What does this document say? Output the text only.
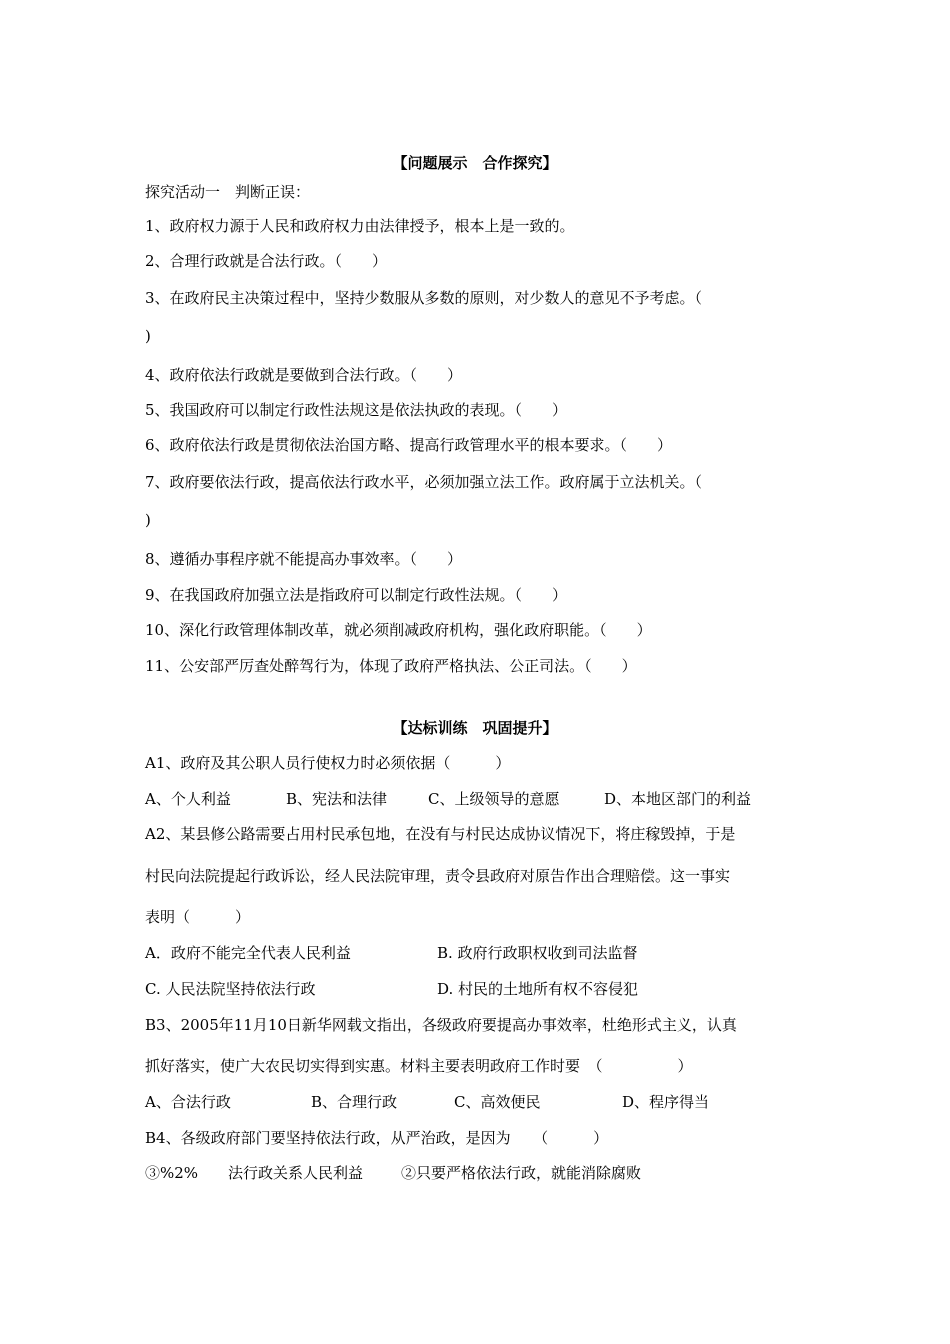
【问题展示　合作探究】
探究活动一　判断正误：
1、政府权力源于人民和政府权力由法律授予，根本上是一致的。
2、合理行政就是合法行政。（　　）
3、在政府民主决策过程中，坚持少数服从多数的原则，对少数人的意见不予考虑。（
)
4、政府依法行政就是要做到合法行政。（　　）
5、我国政府可以制定行政性法规这是依法执政的表现。（　　）
6、政府依法行政是贯彻依法治国方略、提高行政管理水平的根本要求。（　　）
7、政府要依法行政，提高依法行政水平，必须加强立法工作。政府属于立法机关。（
)
8、遵循办事程序就不能提高办事效率。（　　）
9、在我国政府加强立法是指政府可以制定行政性法规。（　　）
10、深化行政管理体制改革，就必须削减政府机构，强化政府职能。（　　）
11、公安部严厉查处醉驾行为，体现了政府严格执法、公正司法。（　　）
【达标训练　巩固提升】
A1、政府及其公职人员行使权力时必须依据（　　　）
A、个人利益	B、宪法和法律	C、上级领导的意愿	D、本地区部门的利益
A2、某县修公路需要占用村民承包地，在没有与村民达成协议情况下，将庄稼毁掉，于是
村民向法院提起行政诉讼，经人民法院审理，责令县政府对原告作出合理赔偿。这一事实
表明（　　　）
A．政府不能完全代表人民利益	B. 政府行政职权收到司法监督
C. 人民法院坚持依法行政	D. 村民的土地所有权不容侵犯
B3、2005年11月10日新华网载文指出，各级政府要提高办事效率，杜绝形式主义，认真
抓好落实，使广大农民切实得到实惠。材料主要表明政府工作时要　（　　　　　）
A、合法行政	B、合理行政	C、高效便民	D、程序得当
B4、各级政府部门要坚持依法行政，从严治政，是因为　　（　　　）
③%2%　　法行政关系人民利益	②只要严格依法行政，就能消除腐败
